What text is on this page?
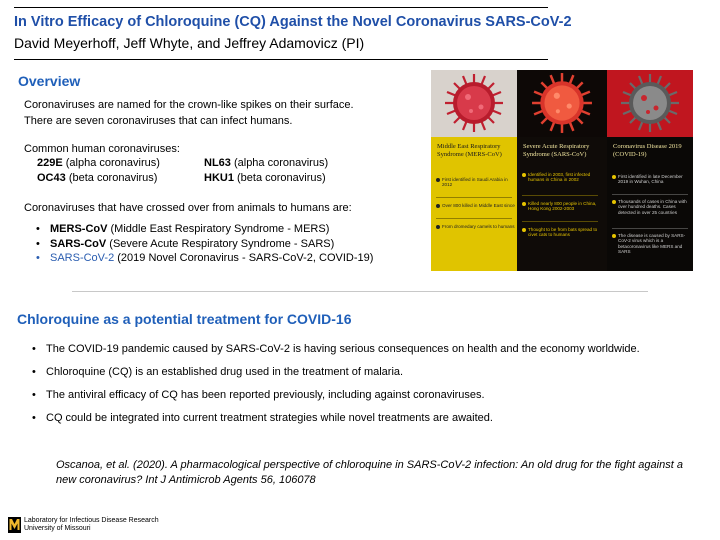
In Vitro Efficacy of Chloroquine (CQ) Against the Novel Coronavirus SARS-CoV-2
David Meyerhoff, Jeff Whyte, and Jeffrey Adamovicz (PI)
Overview
Coronaviruses are named for the crown-like spikes on their surface.
There are seven coronaviruses that can infect humans.
Common human coronaviruses:
229E (alpha coronavirus)	NL63 (alpha coronavirus)
OC43 (beta coronavirus)	HKU1 (beta coronavirus)
Coronaviruses that have crossed over from animals to humans are:
• MERS-CoV (Middle East Respiratory Syndrome - MERS)
• SARS-CoV (Severe Acute Respiratory Syndrome - SARS)
• SARS-CoV-2 (2019 Novel Coronavirus - SARS-CoV-2, COVID-19)
Middle East Respiratory Syndrome (MERS-CoV)
First identified in Saudi Arabia in 2012
Over 800 killed in Middle East since
From dromedary camels to humans
Severe Acute Respiratory Syndrome (SARS-CoV)
Identified in 2003, first infected humans in China in 2002
Killed nearly 800 people in China, Hong Kong 2002-2003
Thought to be from bats spread to civet cats to humans
Coronavirus Disease 2019 (COVID-19)
First identified in late December 2019 in Wuhan, China
Thousands of cases in China with over hundred deaths. Cases detected in over 25 countries
The disease is caused by SARS-CoV-2 virus which is a betacoronavirus like MERS and SARS
Chloroquine as a potential treatment for COVID-16
• The COVID-19 pandemic caused by SARS-CoV-2 is having serious consequences on health and the economy worldwide.
• Chloroquine (CQ) is an established drug used in the treatment of malaria.
• The antiviral efficacy of CQ has been reported previously, including against coronaviruses.
• CQ could be integrated into current treatment strategies while novel treatments are awaited.
Oscanoa, et al. (2020). A pharmacological perspective of chloroquine in SARS-CoV-2 infection: An old drug for the fight against a
new coronavirus? Int J Antimicrob Agents 56, 106078
Laboratory for Infectious Disease Research
University of Missouri
